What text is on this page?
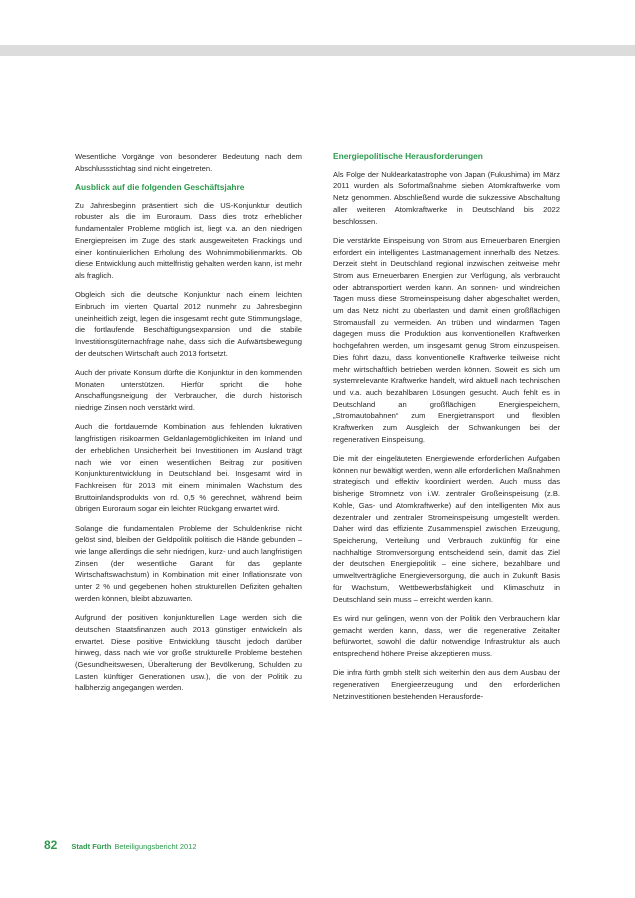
Wesentliche Vorgänge von besonderer Bedeutung nach dem Abschlussstichtag sind nicht eingetreten.

Ausblick auf die folgenden Geschäftsjahre

Zu Jahresbeginn präsentiert sich die US-Konjunktur deutlich robuster als die im Euroraum. Dass dies trotz erheblicher fundamentaler Probleme möglich ist, liegt v.a. an den niedrigen Energiepreisen im Zuge des stark ausgeweiteten Frackings und einer kontinuierlichen Erholung des Wohnimmobilienmarkts. Ob diese Entwicklung auch mittelfristig gehalten werden kann, ist mehr als fraglich.

Obgleich sich die deutsche Konjunktur nach einem leichten Einbruch im vierten Quartal 2012 nunmehr zu Jahresbeginn uneinheitlich zeigt, legen die insgesamt recht gute Stimmungslage, die fortlaufende Beschäftigungsexpansion und die stabile Investitionsgüternachfrage nahe, dass sich die Aufwärtsbewegung der deutschen Wirtschaft auch 2013 fortsetzt.

Auch der private Konsum dürfte die Konjunktur in den kommenden Monaten unterstützen. Hierfür spricht die hohe Anschaffungsneigung der Verbraucher, die durch historisch niedrige Zinsen noch verstärkt wird.

Auch die fortdauernde Kombination aus fehlenden lukrativen langfristigen risikoarmen Geldanlagemöglichkeiten im Inland und der erheblichen Unsicherheit bei Investitionen im Ausland trägt nach wie vor einen wesentlichen Beitrag zur positiven Konjunkturentwicklung in Deutschland bei. Insgesamt wird in Fachkreisen für 2013 mit einem minimalen Wachstum des Bruttoinlandsprodukts von rd. 0,5 % gerechnet, während beim übrigen Euroraum sogar ein leichter Rückgang erwartet wird.

Solange die fundamentalen Probleme der Schuldenkrise nicht gelöst sind, bleiben der Geldpolitik politisch die Hände gebunden – wie lange allerdings die sehr niedrigen, kurz- und auch langfristigen Zinsen (der wesentliche Garant für das geplante Wirtschaftswachstum) in Kombination mit einer Inflationsrate von unter 2 % und gegebenen hohen strukturellen Defiziten gehalten werden können, bleibt abzuwarten.

Aufgrund der positiven konjunkturellen Lage werden sich die deutschen Staatsfinanzen auch 2013 günstiger entwickeln als erwartet. Diese positive Entwicklung täuscht jedoch darüber hinweg, dass nach wie vor große strukturelle Probleme bestehen (Gesundheitswesen, Überalterung der Bevölkerung, Schulden zu Lasten künftiger Generationen usw.), die von der Politik zu halbherzig angegangen werden.

Energiepolitische Herausforderungen

Als Folge der Nuklearkatastrophe von Japan (Fukushima) im März 2011 wurden als Sofortmaßnahme sieben Atomkraftwerke vom Netz genommen. Abschließend wurde die sukzessive Abschaltung aller weiteren Atomkraftwerke in Deutschland bis 2022 beschlossen.

Die verstärkte Einspeisung von Strom aus Erneuerbaren Energien erfordert ein intelligentes Lastmanagement innerhalb des Netzes. Derzeit steht in Deutschland regional inzwischen zeitweise mehr Strom aus Erneuerbaren Energien zur Verfügung, als verbraucht oder abtransportiert werden kann. An sonnen- und windreichen Tagen muss diese Stromeinspeisung daher abgeschaltet werden, um das Netz nicht zu überlasten und damit einen großflächigen Stromausfall zu vermeiden. An trüben und windarmen Tagen dagegen muss die Produktion aus konventionellen Kraftwerken hochgefahren werden, um insgesamt genug Strom einzuspeisen. Dies führt dazu, dass konventionelle Kraftwerke teilweise nicht mehr wirtschaftlich betrieben werden können. Soweit es sich um systemrelevante Kraftwerke handelt, wird aktuell nach technischen und v.a. auch bezahlbaren Lösungen gesucht. Auch fehlt es in Deutschland an großflächigen Energiespeichern, „Stromautobahnen“ zum Energietransport und flexiblen Kraftwerken zum Ausgleich der Schwankungen bei der regenerativen Einspeisung.

Die mit der eingeläuteten Energiewende erforderlichen Aufgaben können nur bewältigt werden, wenn alle erforderlichen Maßnahmen strategisch und effektiv koordiniert werden. Auch muss das bisherige Stromnetz von i.W. zentraler Großeinspeisung (z.B. Kohle, Gas- und Atomkraftwerke) auf den intelligenten Mix aus dezentraler und zentraler Stromeinspeisung umgestellt werden. Daher wird das effiziente Zusammenspiel zwischen Erzeugung, Speicherung, Verteilung und Verbrauch zukünftig für eine nachhaltige Stromversorgung entscheidend sein, damit das Ziel der deutschen Energiepolitik – eine sichere, bezahlbare und umweltverträgliche Energieversorgung, die auch in Zukunft Basis für Wachstum, Wettbewerbsfähigkeit und Klimaschutz in Deutschland sein muss – erreicht werden kann.

Es wird nur gelingen, wenn von der Politik den Verbrauchern klar gemacht werden kann, dass, wer die regenerative Zeitalter befürwortet, sowohl die dafür notwendige Infrastruktur als auch entsprechend höhere Preise akzeptieren muss.

Die infra fürth gmbh stellt sich weiterhin den aus dem Ausbau der regenerativen Energieerzeugung und den erforderlichen Netzinvestitionen bestehenden Herausforde-

82 Stadt Fürth Beteiligungsbericht 2012
